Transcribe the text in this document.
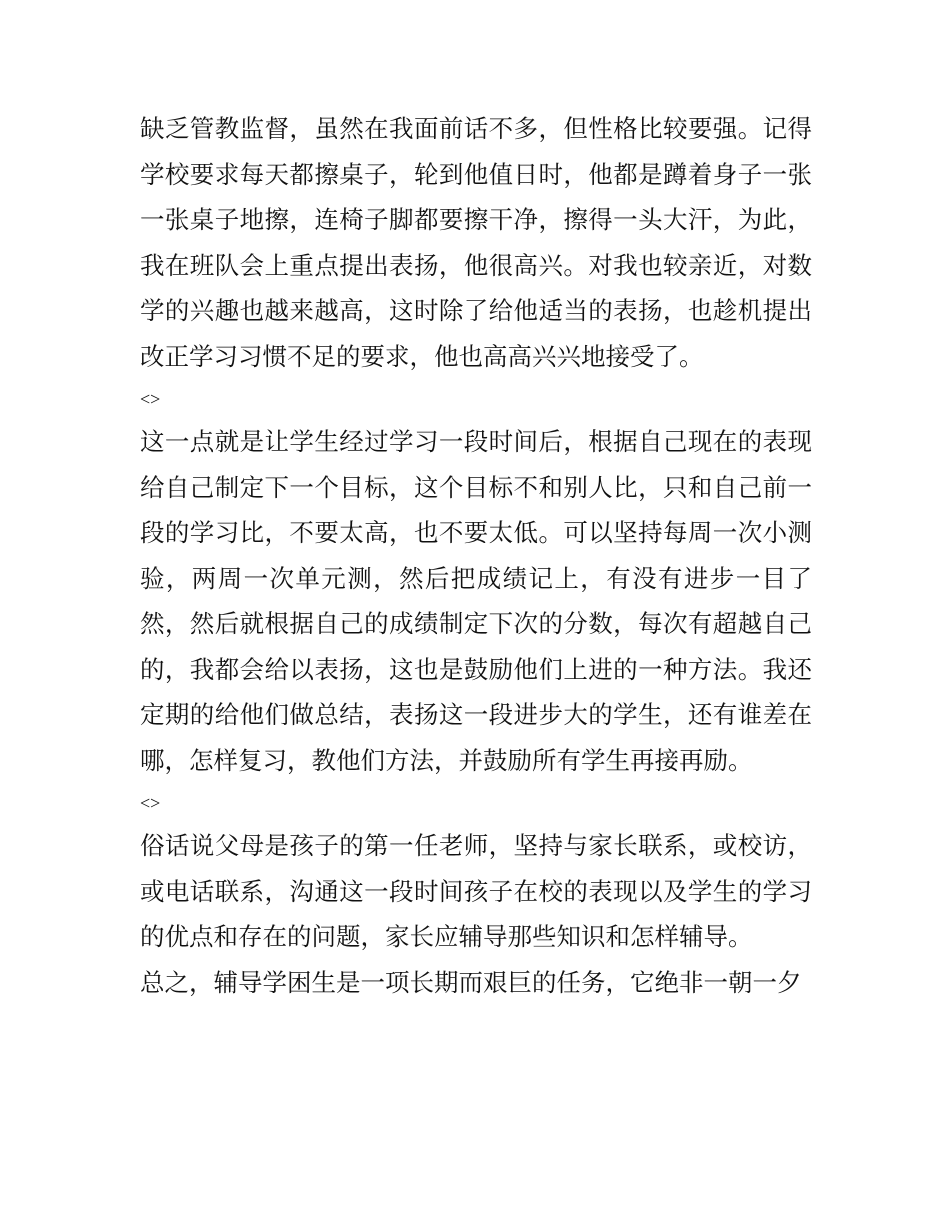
缺乏管教监督，虽然在我面前话不多，但性格比较要强。记得学校要求每天都擦桌子，轮到他值日时，他都是蹲着身子一张一张桌子地擦，连椅子脚都要擦干净，擦得一头大汗，为此，我在班队会上重点提出表扬，他很高兴。对我也较亲近，对数学的兴趣也越来越高，这时除了给他适当的表扬，也趁机提出改正学习习惯不足的要求，他也高高兴兴地接受了。

<>

这一点就是让学生经过学习一段时间后，根据自己现在的表现给自己制定下一个目标，这个目标不和别人比，只和自己前一段的学习比，不要太高，也不要太低。可以坚持每周一次小测验，两周一次单元测，然后把成绩记上，有没有进步一目了然，然后就根据自己的成绩制定下次的分数，每次有超越自己的，我都会给以表扬，这也是鼓励他们上进的一种方法。我还定期的给他们做总结，表扬这一段进步大的学生，还有谁差在哪，怎样复习，教他们方法，并鼓励所有学生再接再励。

<>

俗话说父母是孩子的第一任老师，坚持与家长联系，或校访，或电话联系，沟通这一段时间孩子在校的表现以及学生的学习的优点和存在的问题，家长应辅导那些知识和怎样辅导。

总之，辅导学困生是一项长期而艰巨的任务，它绝非一朝一夕
